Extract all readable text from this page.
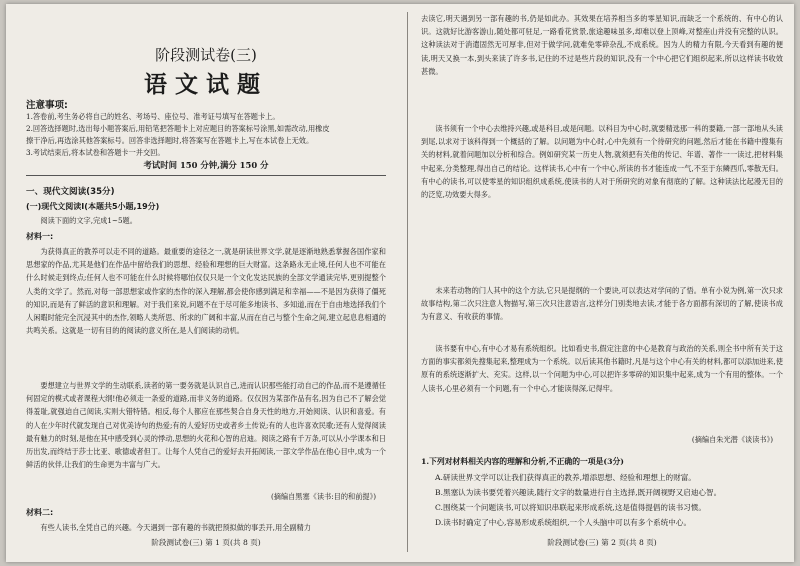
阶段测试卷(三)
语文试题
注意事项:
1.答卷前,考生务必将自己的姓名、考场号、座位号、准考证号填写在答题卡上。
2.回答选择题时,选出每小题答案后,用铅笔把答题卡上对应题目的答案标号涂黑,如需改动,用橡皮
擦干净后,再选涂其他答案标号。回答非选择题时,将答案写在答题卡上,写在本试卷上无效。
3.考试结束后,将本试卷和答题卡一并交回。
考试时间 150 分钟,满分 150 分
一、现代文阅读(35分)
(一)现代文阅读Ⅰ(本题共5小题,19分)
阅读下面的文字,完成1~5题。
材料一:
为获得真正的教养可以走不同的道路。最重要的途径之一,就是研读世界文学,就是逐渐地熟悉掌握各国作家和思想家的作品,尤其是他们在作品中留给我们的思想、经验和理想的巨大财富。这条路永无止境,任何人也不可能在什么时候走到终点;任何人也不可能在什么时候将哪怕仅仅只是一个文化发达民族的全部文学通读完毕,更别提整个人类的文学了。然而,对每一部思想家或作家的杰作的深入理解,都会使你感到满足和幸福——不是因为获得了僵死的知识,而是有了鲜活的意识和理解。对于我们来说,问题不在于尽可能多地读书、多知道,而在于自由地选择我们个人闲暇时能完全沉浸其中的杰作,领略人类所思、所求的广阔和丰富,从而在自己与整个生命之间,建立起息息相通的共鸣关系。这就是一切有目的的阅读的意义所在,是人们阅读的动机。
要想建立与世界文学的生动联系,读者的第一要务就是认识自己,进而认识那些能打动自己的作品,而不是遵循任何固定的模式或者课程大纲!他必须走一条爱的道路,而非义务的道路。仅仅因为某部作品有名,因为自己不了解会觉得羞耻,就强迫自己阅读,实则大错特错。相反,每个人都应在那些契合自身天性的地方,开始阅读、认识和喜爱。有的人在少年时代就发现自己对优美诗句的热爱;有的人爱好历史或者乡土传说;有的人也许喜欢民歌;还有人觉得阅读最有魅力的时刻,是他在其中感受到心灵的悸动,思想的火花和心智的启迪。阅读之路有千万条,可以从小学课本和日历出发,而终结于莎士比亚、歌德或者但丁。让每个人凭自己的爱好去开拓阅读,一部文学作品在他心目中,成为一个鲜活的伙伴,让我们的生命更为丰富与广大。
(摘编自黑塞《读书:目的和前提》)
材料二:
有些人读书,全凭自己的兴趣。今天遇到一部有趣的书就把预拟做的事丢开,用全副精力
阶段测试卷(三) 第 1 页(共 8 页)
去读它,明天遇到另一部有趣的书,仍是如此办。其效果在培养相当多的零星知识,而缺乏一个系统的、有中心的认识。这就好比游客游山,随处都可驻足,一路看花赏景,旅途趣味虽多,却难以登上顶峰,对整座山并没有完整的认识。这种读法对于消遣固然无可厚非,但对于做学问,就难免零碎杂乱,不成系统。因为人的精力有限,今天看到有趣的便读,明天又换一本,到头来读了许多书,记住的不过是些片段的知识,没有一个中心把它们组织起来,所以这样读书收效甚微。
读书须有一个中心去维持兴趣,或是科目,或是问题。以科目为中心时,就要精选那一科的要籍,一部一部地从头读到尾,以求对于该科得到一个概括的了解。以问题为中心时,心中先须有一个待研究的问题,然后才能在书籍中搜集有关的材料,就着问题加以分析和综合。例如研究某一历史人物,就须把有关他的传记、年谱、著作一一读过,把材料集中起来,分类整理,得出自己的结论。这样读书,心中有一个中心,所读的书才能连成一气,不至于东鳞西爪,零散无归。有中心的读书,可以使零星的知识组织成系统,使读书的人对于所研究的对象有彻底的了解。这种读法比起漫无目的的泛览,功效要大得多。
未来若动物的门人其中的这个方法,它只是提纲的一个要诀,可以表达对学问的了悟。单有小说为例,第一次只求故事结构,第二次只注意人物描写,第三次只注意语言,这样分门别类地去读,才能于各方面都有深切的了解,使读书成为有意义、有收获的事情。
读书要有中心,有中心才易有系统组织。比如看史书,假定注意的中心是教育与政治的关系,则全书中所有关于这方面的事实都须先搜集起来,整理成为一个系统。以后读其他书籍时,凡是与这个中心有关的材料,都可以添加进来,使原有的系统逐渐扩大、充实。这样,以一个问题为中心,可以把许多零碎的知识集中起来,成为一个有用的整体。一个人读书,心里必须有一个问题,有一个中心,才能读得深,记得牢。
(摘编自朱光潜《谈读书》)
1.下列对材料相关内容的理解和分析,不正确的一项是(3分)
A.研读世界文学可以让我们获得真正的教养,增添思想、经验和理想上的财富。
B.黑塞认为读书要凭着兴趣读,随行文字的数量进行自主选择,既开阔视野又启迪心智。
C.围绕某一个问题读书,可以将知识串联起来形成系统,这是值得提倡的读书习惯。
D.读书时确定了中心,容易形成系统组织,一个人头脑中可以有多个系统中心。
阶段测试卷(三) 第 2 页(共 8 页)
